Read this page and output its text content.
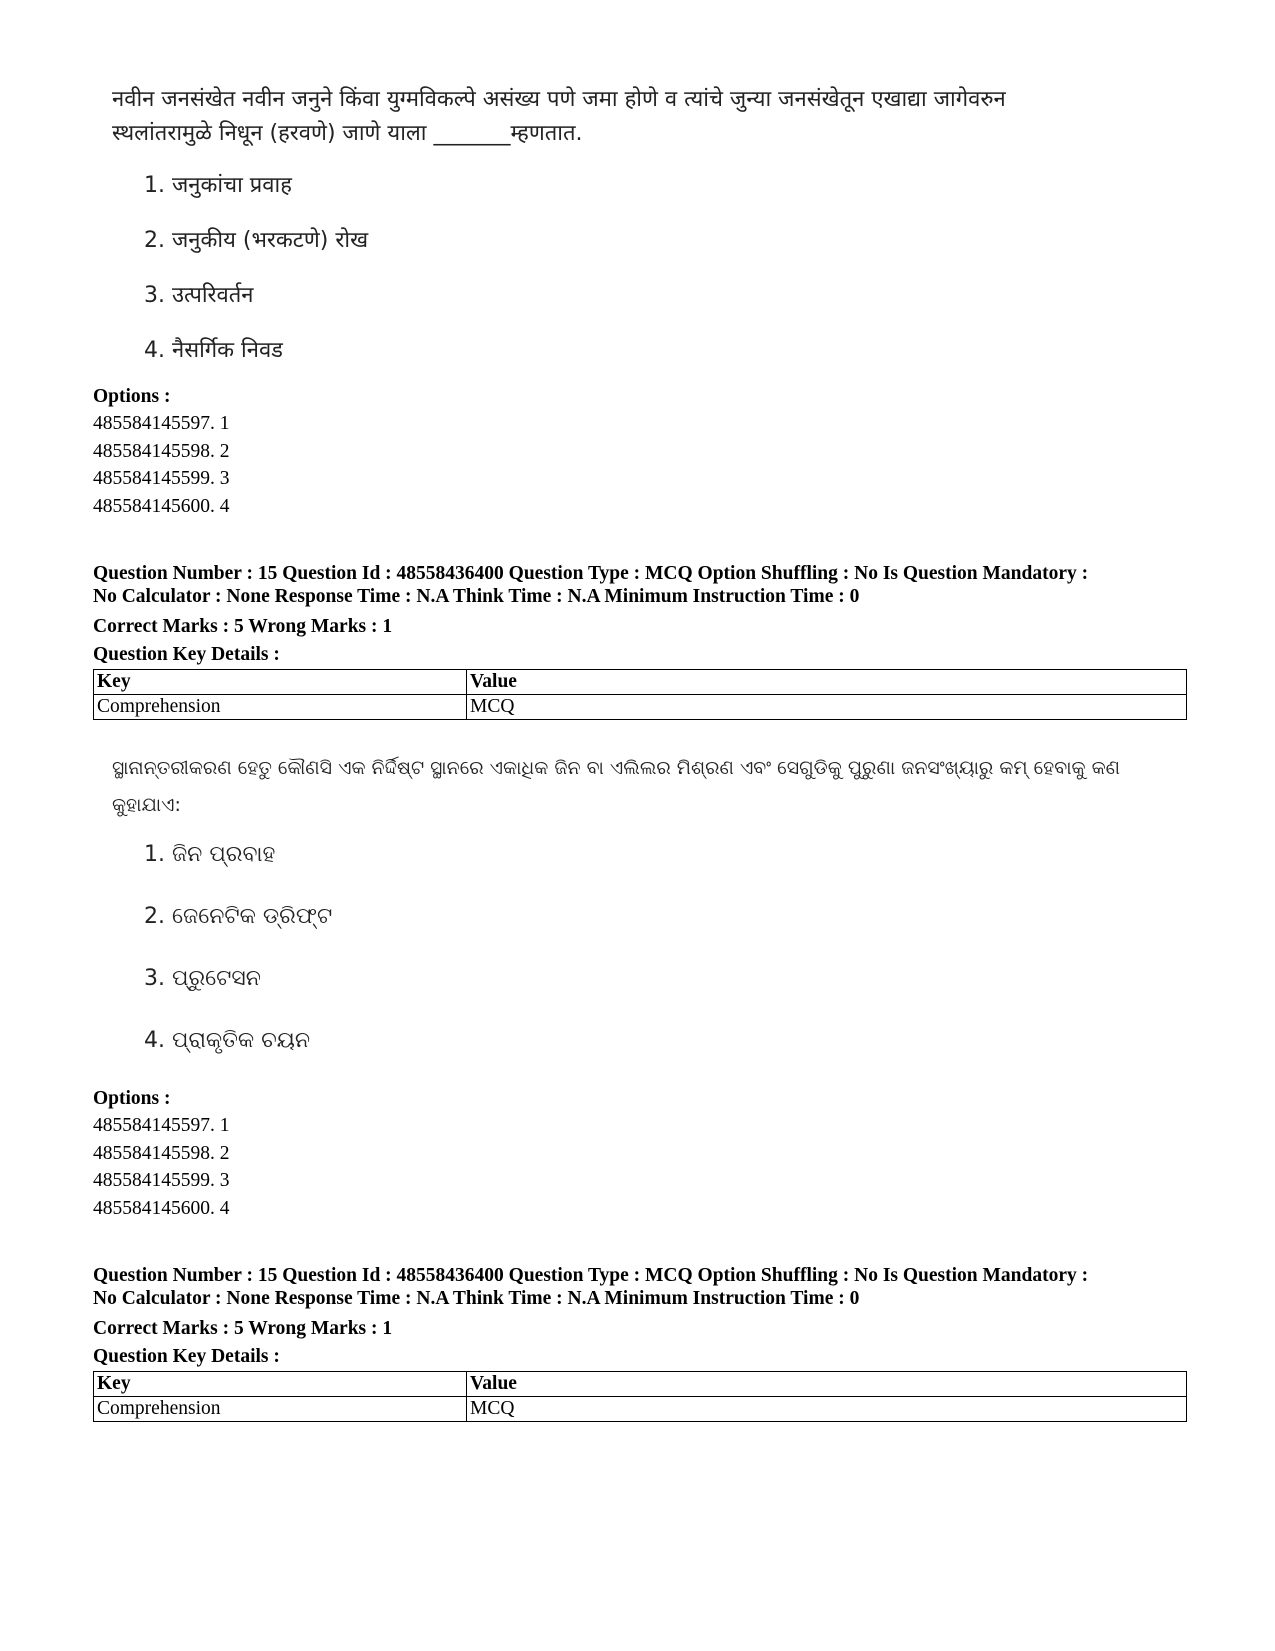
नवीन जनसंखेत नवीन जनुने किंवा युग्मविकल्पे असंख्य पणे जमा होणे व त्यांचे जुन्या जनसंखेतून एखाद्या जागेवरुन
स्थलांतरामुळे निधून (हरवणे) जाणे याला _______म्हणतात.
1. जनुकांचा प्रवाह
2. जनुकीय (भरकटणे) रोख
3. उत्परिवर्तन
4. नैसर्गिक निवड
Options :
485584145597. 1
485584145598. 2
485584145599. 3
485584145600. 4
Question Number : 15 Question Id : 48558436400 Question Type : MCQ Option Shuffling : No Is Question Mandatory :
No Calculator : None Response Time : N.A Think Time : N.A Minimum Instruction Time : 0
Correct Marks : 5 Wrong Marks : 1
Question Key Details :
Key	Value
Comprehension	MCQ
ସ୍ଥାନାନ୍ତରୀକରଣ ହେତୁ କୌଣସି ଏକ ନିର୍ଦ୍ଦିଷ୍ଟ ସ୍ଥାନରେ ଏକାଧିକ ଜିନ ବା ଏଲିଲର ମିଶ୍ରଣ ଏବଂ ସେଗୁଡିକୁ ପୁରୁଣା ଜନସଂଖ୍ୟାରୁ କମ୍ ହେବାକୁ କଣ
କୁହାଯାଏ:
1. ଜିନ ପ୍ରବାହ
2. ଜେନେଟିକ ଡ୍ରିଫ୍ଟ
3. ପ୍ରୁଟେସନ
4. ପ୍ରାକୃତିକ ଚୟନ
Options :
485584145597. 1
485584145598. 2
485584145599. 3
485584145600. 4
Question Number : 15 Question Id : 48558436400 Question Type : MCQ Option Shuffling : No Is Question Mandatory :
No Calculator : None Response Time : N.A Think Time : N.A Minimum Instruction Time : 0
Correct Marks : 5 Wrong Marks : 1
Question Key Details :
Key	Value
Comprehension	MCQ
